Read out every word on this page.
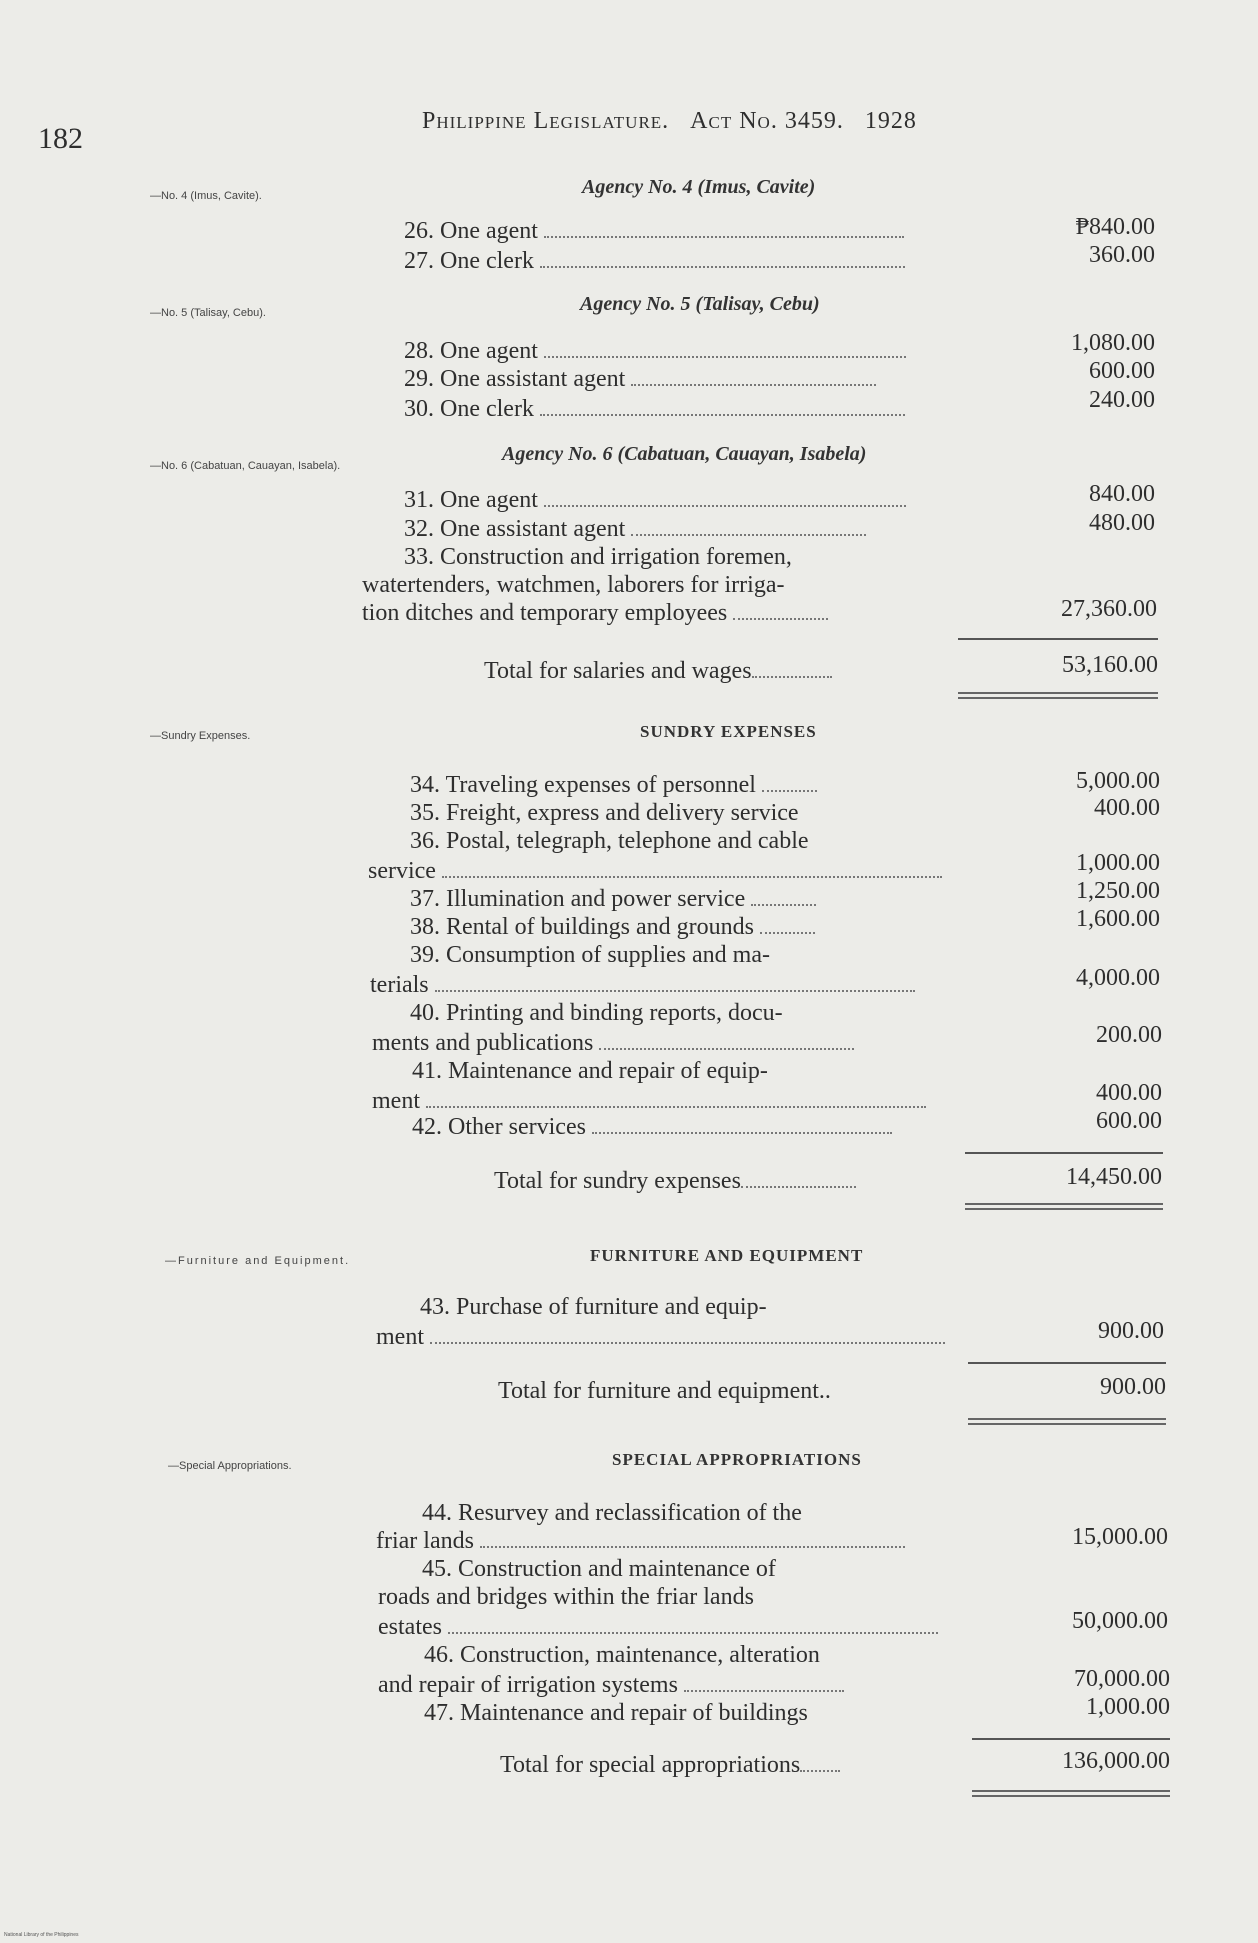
182
Philippine Legislature. Act No. 3459. 1928
—No. 4 (Imus, Cavite).
—No. 5 (Talisay, Cebu).
—No. 6 (Cabatuan, Cauayan, Isabela).
—Sundry Expenses.
—Furniture and Equipment.
—Special Appropriations.
Agency No. 4 (Imus, Cavite)
26. One agent	₱840.00
27. One clerk	360.00
Agency No. 5 (Talisay, Cebu)
28. One agent	1,080.00
29. One assistant agent	600.00
30. One clerk	240.00
Agency No. 6 (Cabatuan, Cauayan, Isabela)
31. One agent	840.00
32. One assistant agent	480.00
33. Construction and irrigation foremen,
watertenders, watchmen, laborers for irriga-
tion ditches and temporary employees	27,360.00
Total for salaries and wages	53,160.00
SUNDRY EXPENSES
34. Traveling expenses of personnel	5,000.00
35. Freight, express and delivery service	400.00
36. Postal, telegraph, telephone and cable
service	1,000.00
37. Illumination and power service	1,250.00
38. Rental of buildings and grounds	1,600.00
39. Consumption of supplies and ma-
terials	4,000.00
40. Printing and binding reports, docu-
ments and publications	200.00
41. Maintenance and repair of equip-
ment	400.00
42. Other services	600.00
Total for sundry expenses	14,450.00
FURNITURE AND EQUIPMENT
43. Purchase of furniture and equip-
ment	900.00
Total for furniture and equipment..	900.00
SPECIAL APPROPRIATIONS
44. Resurvey and reclassification of the
friar lands	15,000.00
45. Construction and maintenance of
roads and bridges within the friar lands
estates	50,000.00
46. Construction, maintenance, alteration
and repair of irrigation systems	70,000.00
47. Maintenance and repair of buildings	1,000.00
Total for special appropriations	136,000.00
National Library of the Philippines
